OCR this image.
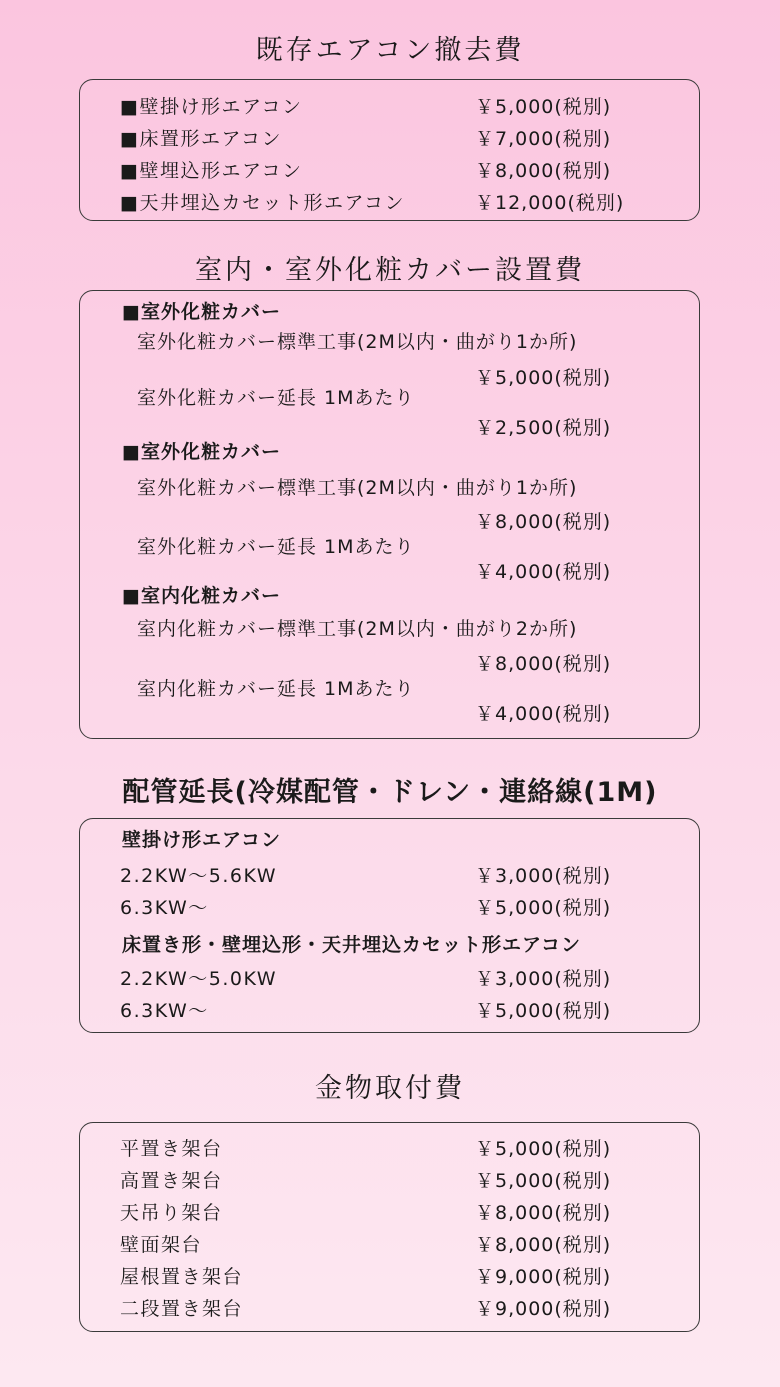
既存エアコン撤去費
■壁掛け形エアコン	￥5,000(税別)
■床置形エアコン	￥7,000(税別)
■壁埋込形エアコン	￥8,000(税別)
■天井埋込カセット形エアコン	￥12,000(税別)
室内・室外化粧カバー設置費
■室外化粧カバー
室外化粧カバー標準工事(2M以内・曲がり1か所)
￥5,000(税別)
室外化粧カバー延長 1Mあたり
￥2,500(税別)
■室外化粧カバー
室外化粧カバー標準工事(2M以内・曲がり1か所)
￥8,000(税別)
室外化粧カバー延長 1Mあたり
￥4,000(税別)
■室内化粧カバー
室内化粧カバー標準工事(2M以内・曲がり2か所)
￥8,000(税別)
室内化粧カバー延長 1Mあたり
￥4,000(税別)
配管延長(冷媒配管・ドレン・連絡線(1M)
壁掛け形エアコン
2.2KW～5.6KW	￥3,000(税別)
6.3KW～	￥5,000(税別)
床置き形・壁埋込形・天井埋込カセット形エアコン
2.2KW～5.0KW	￥3,000(税別)
6.3KW～	￥5,000(税別)
金物取付費
平置き架台	￥5,000(税別)
高置き架台	￥5,000(税別)
天吊り架台	￥8,000(税別)
壁面架台	￥8,000(税別)
屋根置き架台	￥9,000(税別)
二段置き架台	￥9,000(税別)
